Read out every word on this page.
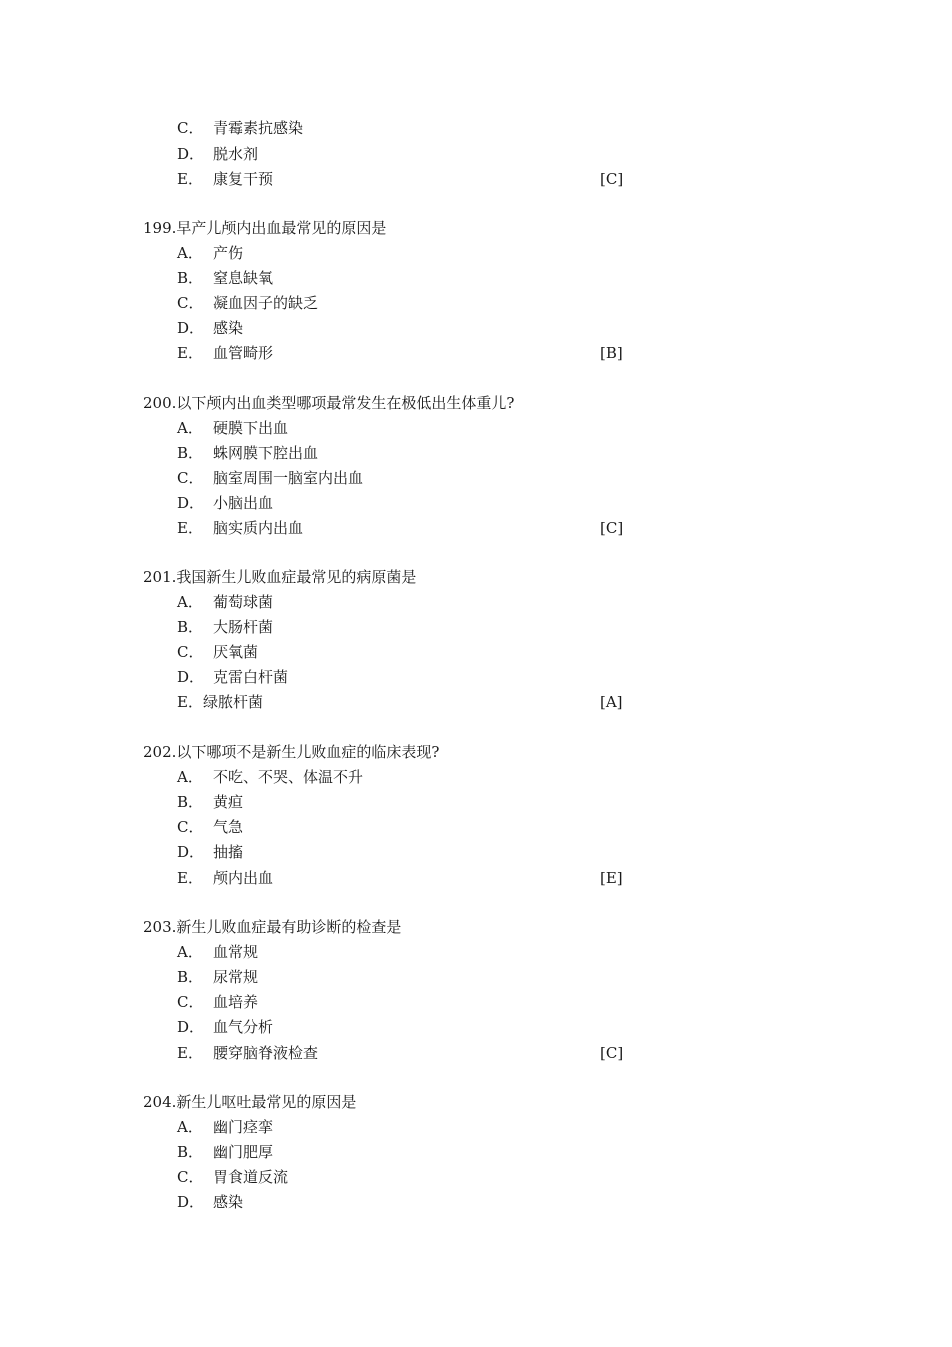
C． 青霉素抗感染
D． 脱水剂
E． 康复干预	[C]
199.早产儿颅内出血最常见的原因是
A． 产伤
B． 窒息缺氧
C． 凝血因子的缺乏
D． 感染
E． 血管畸形	[B]
200.以下颅内出血类型哪项最常发生在极低出生体重儿?
A． 硬膜下出血
B． 蛛网膜下腔出血
C． 脑室周围一脑室内出血
D． 小脑出血
E． 脑实质内出血	[C]
201.我国新生儿败血症最常见的病原菌是
A． 葡萄球菌
B． 大肠杆菌
C． 厌氧菌
D． 克雷白杆菌
E．绿脓杆菌	[A]
202.以下哪项不是新生儿败血症的临床表现?
A． 不吃、不哭、体温不升
B． 黄疸
C． 气急
D． 抽搐
E． 颅内出血	[E]
203.新生儿败血症最有助诊断的检查是
A． 血常规
B． 尿常规
C． 血培养
D． 血气分析
E． 腰穿脑脊液检查	[C]
204.新生儿呕吐最常见的原因是
A． 幽门痉挛
B． 幽门肥厚
C． 胃食道反流
D． 感染
